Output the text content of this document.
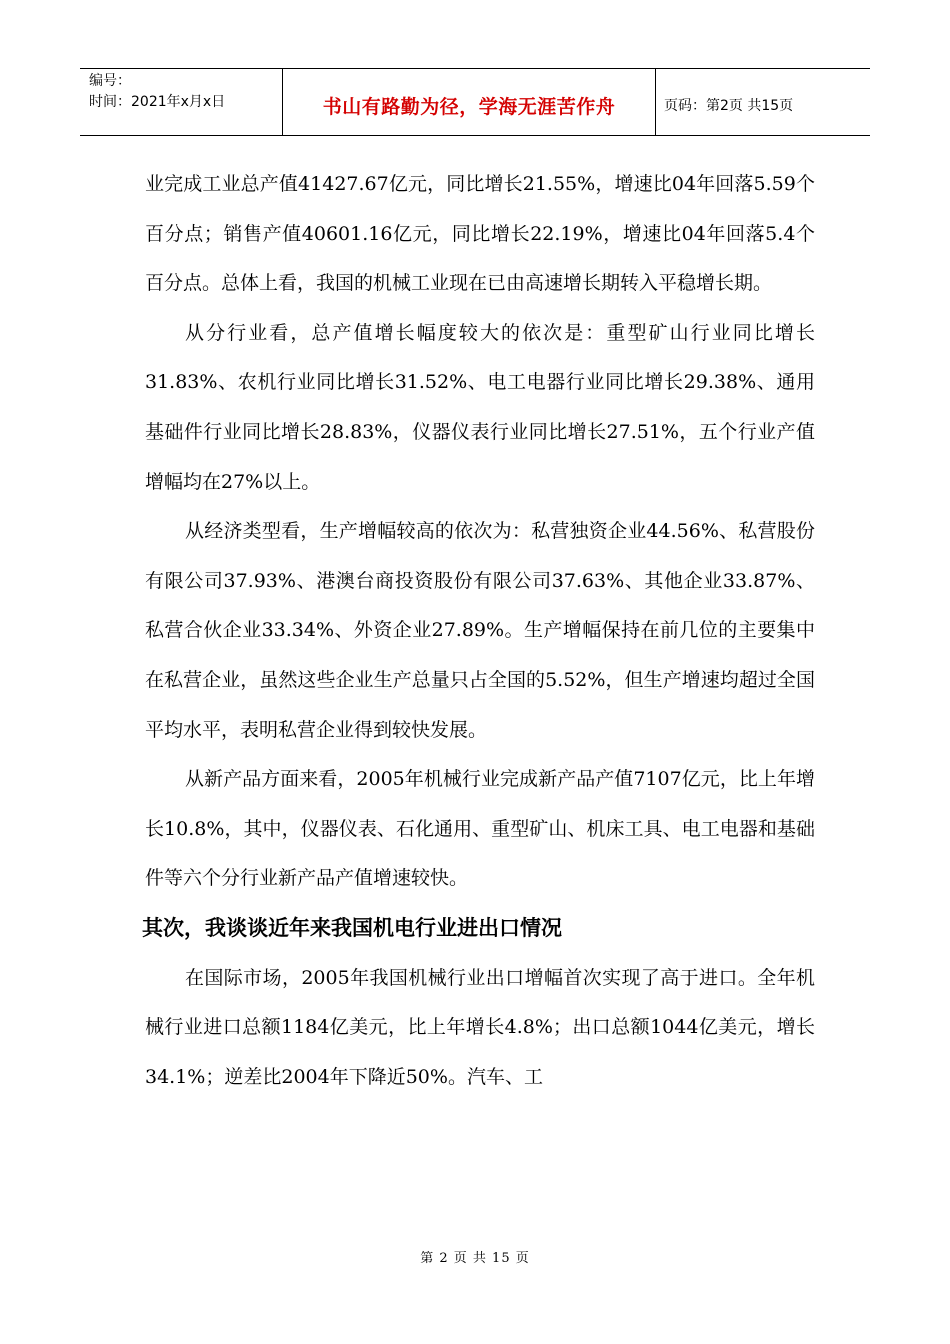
编号：
时间：2021年x月x日	书山有路勤为径，学海无涯苦作舟	页码：第2页 共15页

业完成工业总产值41427.67亿元，同比增长21.55%，增速比04年回落5.59个百分点；销售产值40601.16亿元，同比增长22.19%，增速比04年回落5.4个百分点。总体上看，我国的机械工业现在已由高速增长期转入平稳增长期。

从分行业看，总产值增长幅度较大的依次是：重型矿山行业同比增长31.83%、农机行业同比增长31.52%、电工电器行业同比增长29.38%、通用基础件行业同比增长28.83%，仪器仪表行业同比增长27.51%，五个行业产值增幅均在27%以上。

从经济类型看，生产增幅较高的依次为：私营独资企业44.56%、私营股份有限公司37.93%、港澳台商投资股份有限公司37.63%、其他企业33.87%、私营合伙企业33.34%、外资企业27.89%。生产增幅保持在前几位的主要集中在私营企业，虽然这些企业生产总量只占全国的5.52%，但生产增速均超过全国平均水平，表明私营企业得到较快发展。

从新产品方面来看，2005年机械行业完成新产品产值7107亿元，比上年增长10.8%，其中，仪器仪表、石化通用、重型矿山、机床工具、电工电器和基础件等六个分行业新产品产值增速较快。

其次，我谈谈近年来我国机电行业进出口情况

在国际市场，2005年我国机械行业出口增幅首次实现了高于进口。全年机械行业进口总额1184亿美元，比上年增长4.8%；出口总额1044亿美元，增长34.1%；逆差比2004年下降近50%。汽车、工

第 2 页 共 15 页
